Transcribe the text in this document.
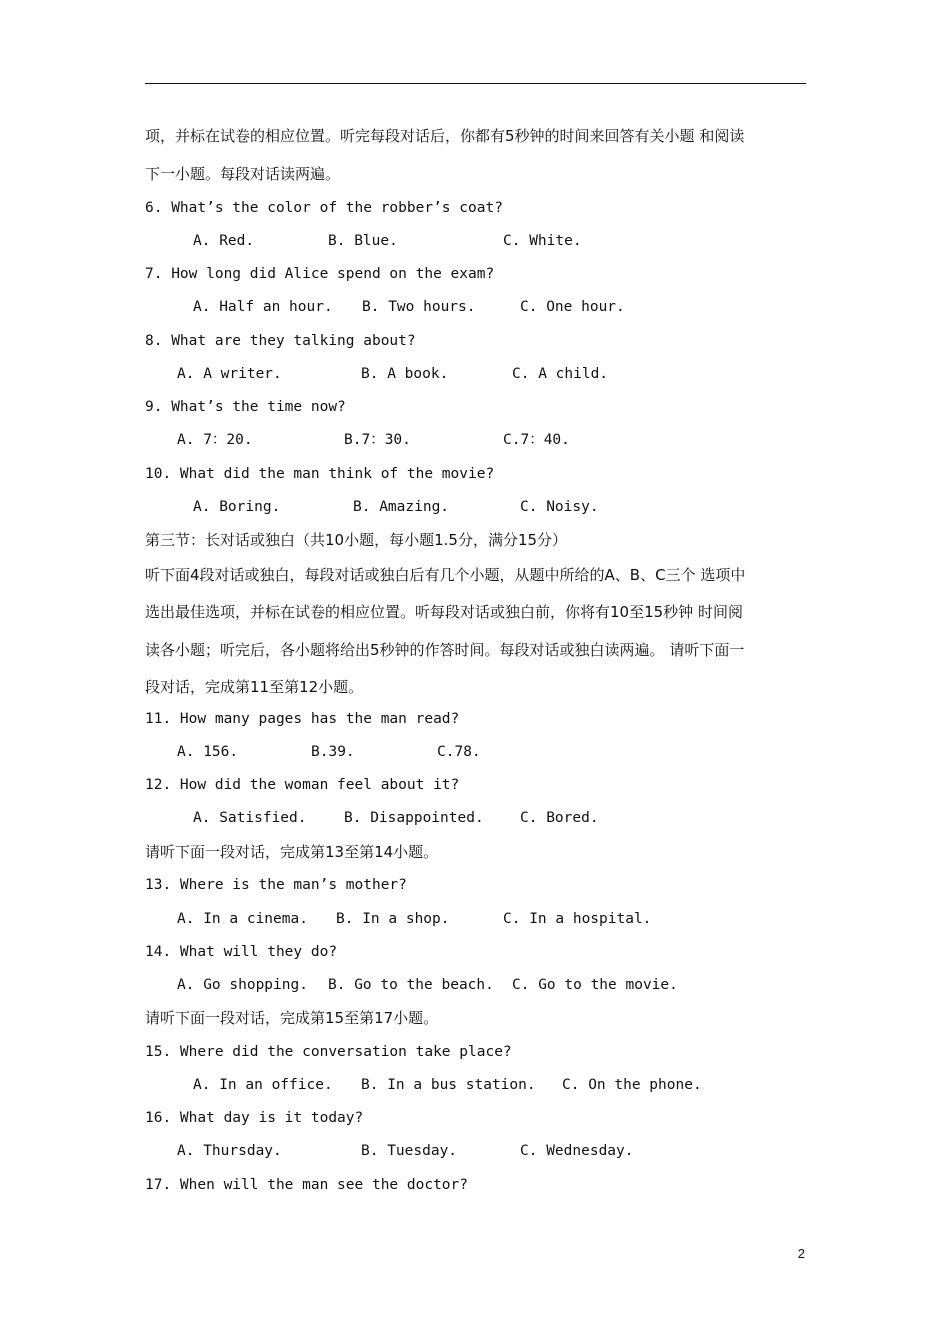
项，并标在试卷的相应位置。听完每段对话后，你都有5秒钟的时间来回答有关小题 和阅读
下一小题。每段对话读两遍。
6. What’s the color of the robber’s coat?
A. Red.	B. Blue.	C. White.
7. How long did Alice spend on the exam?
A. Half an hour. B. Two hours.	C. One hour.
8. What are they talking about?
A. A writer.	B. A book.	C. A child.
9. What’s the time now?
A. 7：20.	B.7：30.	C.7：40.
10. What did the man think of the movie?
A. Boring.	B. Amazing.	C. Noisy.
第三节：长对话或独白（共10小题，每小题1.5分，满分15分）
听下面4段对话或独白，每段对话或独白后有几个小题，从题中所给的A、B、C三个 选项中
选出最佳选项，并标在试卷的相应位置。听每段对话或独白前，你将有10至15秒钟 时间阅
读各小题；听完后，各小题将给出5秒钟的作答时间。每段对话或独白读两遍。 请听下面一
段对话，完成第11至第12小题。
11. How many pages has the man read?
A. 156.	B.39.	C.78.
12. How did the woman feel about it?
A. Satisfied.	B. Disappointed.	C. Bored.
请听下面一段对话，完成第13至第14小题。
13. Where is the man’s mother?
A. In a cinema. B. In a shop.	C. In a hospital.
14. What will they do?
A. Go shopping. B. Go to the beach. C. Go to the movie.
请听下面一段对话，完成第15至第17小题。
15. Where did the conversation take place?
A. In an office. B. In a bus station. C. On the phone.
16. What day is it today?
A. Thursday.	B. Tuesday.	C. Wednesday.
17. When will the man see the doctor?
2
